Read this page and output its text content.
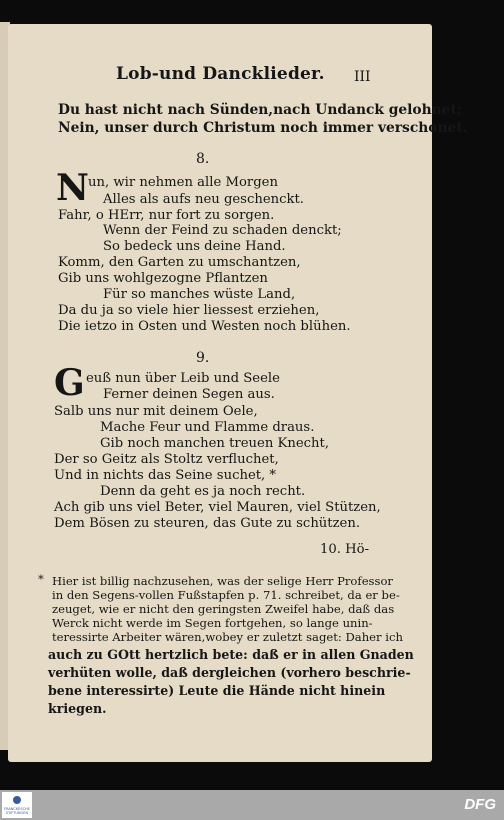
Lob-und Dancklieder. III
Du hast nicht nach Sünden,nach Undanck gelohnet;
Nein, unser durch Christum noch immer verschonet.
8.
N un, wir nehmen alle Morgen
Alles als aufs neu geschenckt.
Fahr, o HErr, nur fort zu sorgen.
Wenn der Feind zu schaden denckt;
So bedeck uns deine Hand.
Komm, den Garten zu umschantzen,
Gib uns wohlgezogne Pflantzen
Für so manches wüste Land,
Da du ja so viele hier liessest erziehen,
Die ietzo in Osten und Westen noch blühen.
9.
G euß nun über Leib und Seele
Ferner deinen Segen aus.
Salb uns nur mit deinem Oele,
Mache Feur und Flamme draus.
Gib noch manchen treuen Knecht,
Der so Geitz als Stoltz verfluchet,
Und in nichts das Seine suchet, *
Denn da geht es ja noch recht.
Ach gib uns viel Beter, viel Mauren, viel Stützen,
Dem Bösen zu steuren, das Gute zu schützen.
10. Hö-
* Hier ist billig nachzusehen, was der selige Herr Professor
in den Segens-vollen Fußstapfen p. 71. schreibet, da er be-
zeuget, wie er nicht den geringsten Zweifel habe, daß das
Werck nicht werde im Segen fortgehen, so lange unin-
teressirte Arbeiter wären,wobey er zuletzt saget: Daher ich
auch zu GOtt hertzlich bete: daß er in allen Gnaden
verhüten wolle, daß dergleichen (vorhero beschrie-
bene interessirte) Leute die Hände nicht hinein
kriegen.
FRANCKESCHE STIFTUNGEN	DFG
